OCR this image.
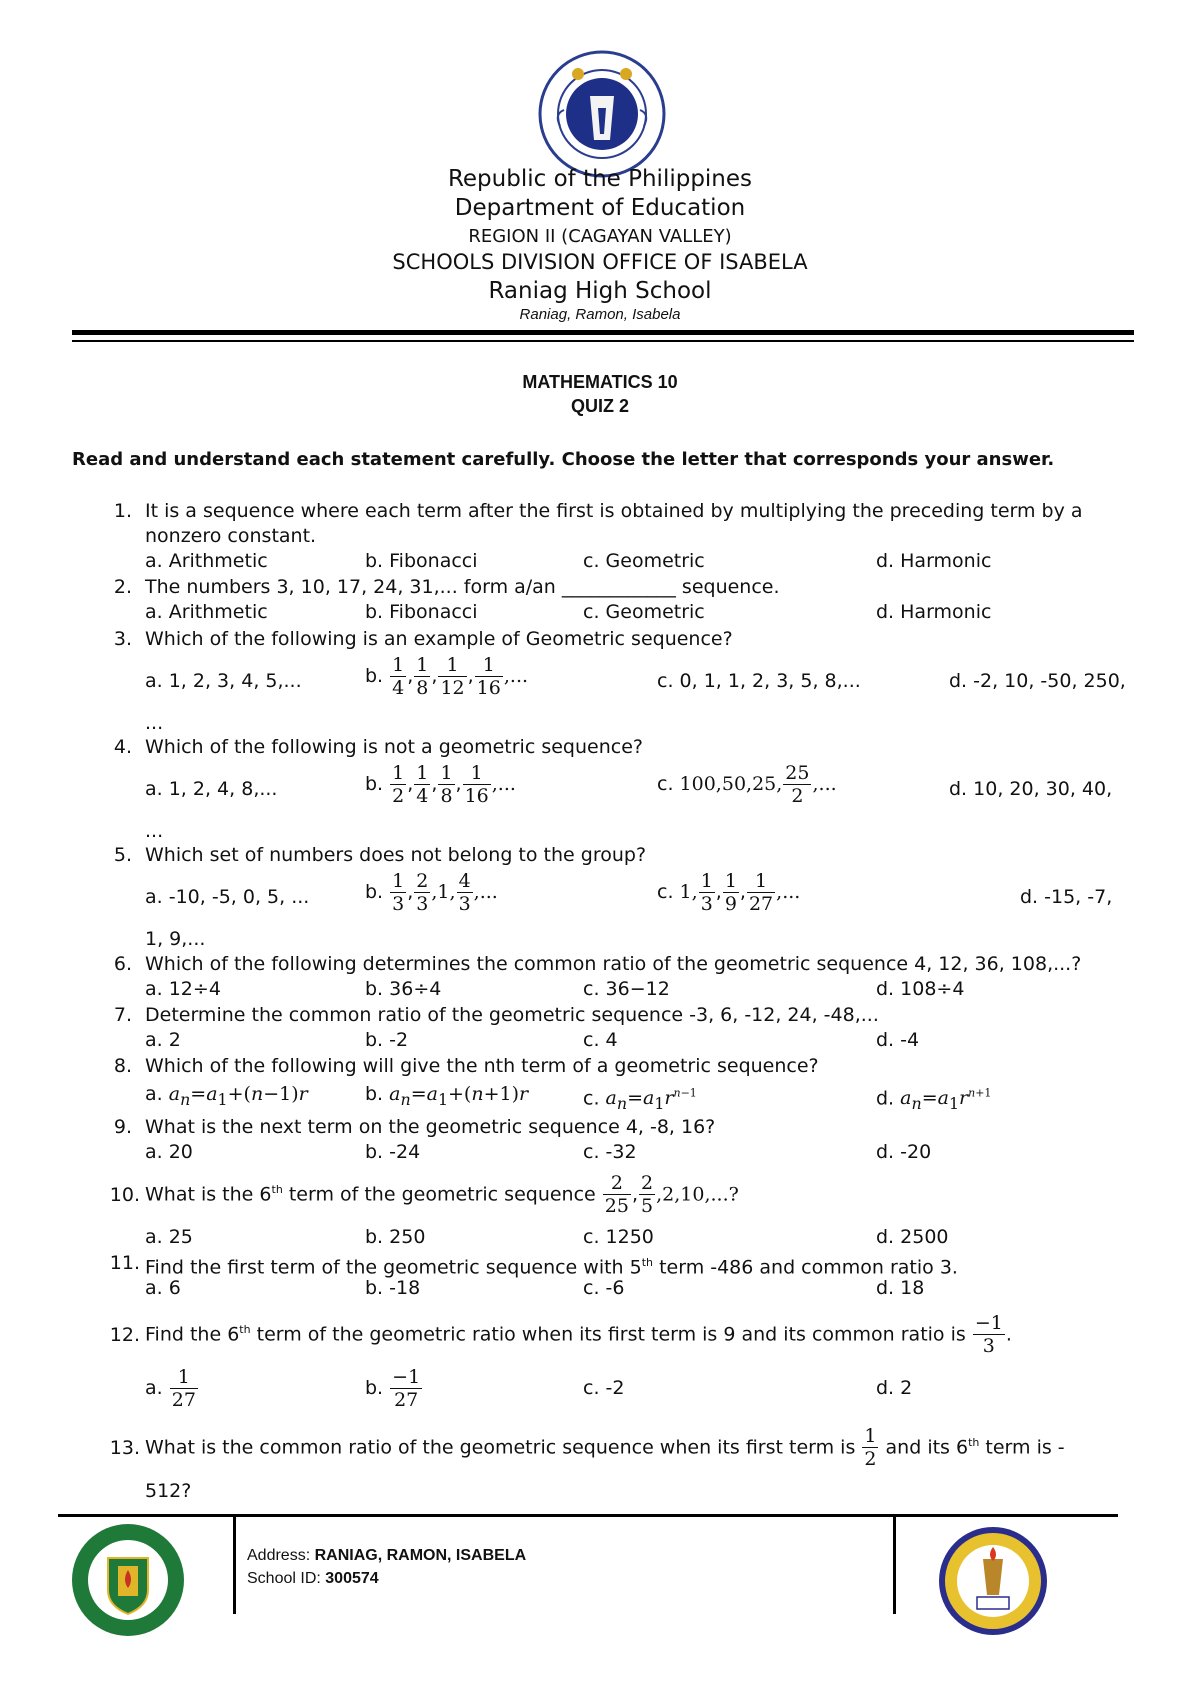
Republic of the Philippines
Department of Education
REGION II (CAGAYAN VALLEY)
SCHOOLS DIVISION OFFICE OF ISABELA
Raniag High School
Raniag, Ramon, Isabela
MATHEMATICS 10
QUIZ 2
Read and understand each statement carefully. Choose the letter that corresponds your answer.
1. It is a sequence where each term after the first is obtained by multiplying the preceding term by a
nonzero constant.
a. Arithmetic	b. Fibonacci	c. Geometric	d. Harmonic
2. The numbers 3, 10, 17, 24, 31,... form a/an ____________ sequence.
a. Arithmetic	b. Fibonacci	c. Geometric	d. Harmonic
3. Which of the following is an example of Geometric sequence?
a. 1, 2, 3, 4, 5,...	b. $\frac{1}{4}$ , $\frac{1}{8}$ , $\frac{1}{12}$ , $\frac{1}{16}$ ,...	c. 0, 1, 1, 2, 3, 5, 8,...	d. -2, 10, -50, 250,
...
4. Which of the following is not a geometric sequence?
a. 1, 2, 4, 8,...	b. $\frac{1}{2}$ , $\frac{1}{4}$ , $\frac{1}{8}$ , $\frac{1}{16}$ ,...	c. 100,50,25, $\frac{25}{2}$ ,...	d. 10, 20, 30, 40,
...
5. Which set of numbers does not belong to the group?
a. -10, -5, 0, 5, ...	b. $\frac{1}{3}$ , $\frac{2}{3} ,1$, $\frac{4}{3}$ ,...	c. 1, $\frac{1}{3}$ , $\frac{1}{9}$ , $\frac{1}{27}$ ,...	d. -15, -7,
1, 9,...
6. Which of the following determines the common ratio of the geometric sequence 4, 12, 36, 108,...?
a. 12÷4	b. 36÷4	c. 36−12	d. 108÷4
7. Determine the common ratio of the geometric sequence -3, 6, -12, 24, -48,...
a. 2	b. -2	c. 4	d. -4
8. Which of the following will give the nth term of a geometric sequence?
a. $a_n=a_1+(n-1)r$	b. $a_n=a_1+(n+1)r$	c. $a_n=a_1r^{n-1}$	d. $a_n=a_1r^{n+1}$
9. What is the next term on the geometric sequence 4, -8, 16?
a. 20	b. -24	c. -32	d. -20
10. What is the 6th term of the geometric sequence $\frac{2}{25}$ , $\frac{2}{5} ,2,10$,...?
a. 25	b. 250	c. 1250	d. 2500
11. Find the first term of the geometric sequence with 5th term -486 and common ratio 3.
a. 6	b. -18	c. -6	d. 18
12. Find the 6th term of the geometric ratio when its first term is 9 and its common ratio is $\frac{-1}{3}$ .
a. $\frac{1}{27}$	b. $\frac{-1}{27}$	c. -2	d. 2
13. What is the common ratio of the geometric sequence when its first term is $\frac{1}{2}$ and its 6th term is -
512?
Address: RANIAG, RAMON, ISABELA
School ID: 300574
